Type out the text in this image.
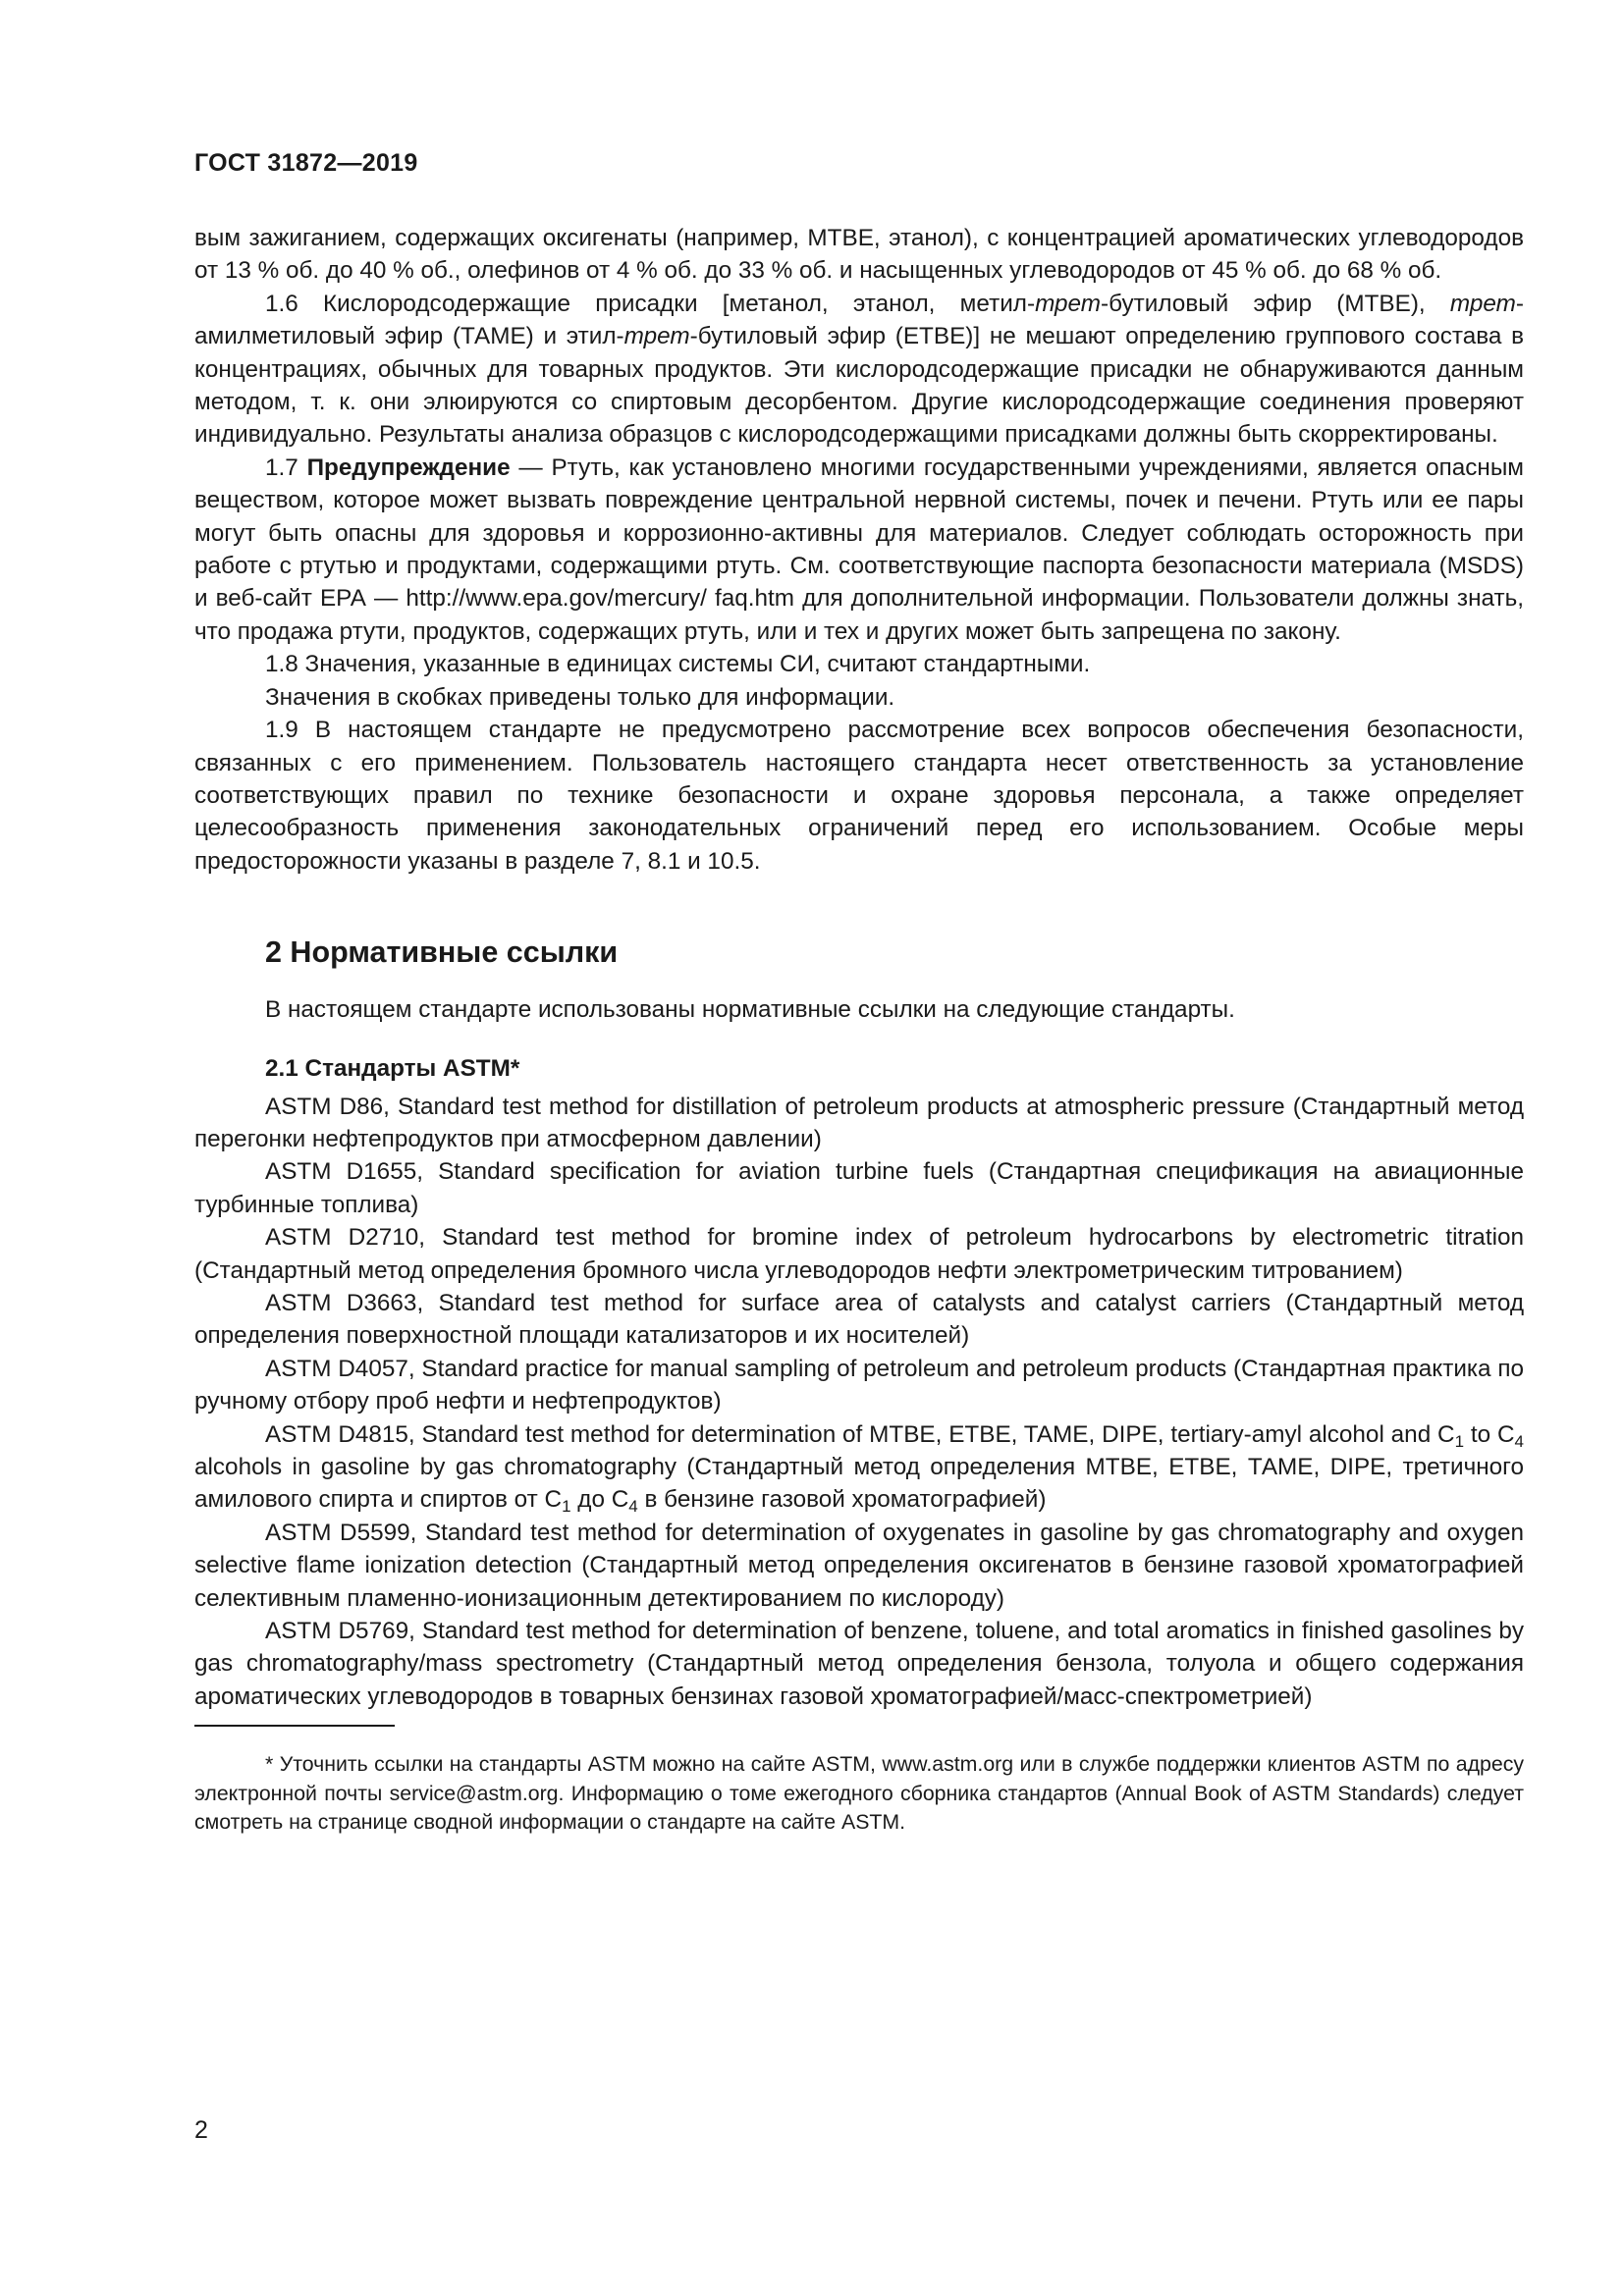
ГОСТ 31872—2019

вым зажиганием, содержащих оксигенаты (например, МТВЕ, этанол), с концентрацией ароматических углеводородов от 13 % об. до 40 % об., олефинов от 4 % об. до 33 % об. и насыщенных углеводородов от 45 % об. до 68 % об.

1.6 Кислородсодержащие присадки [метанол, этанол, метил-трет-бутиловый эфир (МТВЕ), трет-амилметиловый эфир (ТАМЕ) и этил-трет-бутиловый эфир (ЕТВЕ)] не мешают определению группового состава в концентрациях, обычных для товарных продуктов. Эти кислородсодержащие присадки не обнаруживаются данным методом, т. к. они элюируются со спиртовым десорбентом. Другие кислородсодержащие соединения проверяют индивидуально. Результаты анализа образцов с кислородсодержащими присадками должны быть скорректированы.

1.7 Предупреждение — Ртуть, как установлено многими государственными учреждениями, является опасным веществом, которое может вызвать повреждение центральной нервной системы, почек и печени. Ртуть или ее пары могут быть опасны для здоровья и коррозионно-активны для материалов. Следует соблюдать осторожность при работе с ртутью и продуктами, содержащими ртуть. См. соответствующие паспорта безопасности материала (MSDS) и веб-сайт ЕРА — http://www.epa.gov/mercury/ faq.htm для дополнительной информации. Пользователи должны знать, что продажа ртути, продуктов, содержащих ртуть, или и тех и других может быть запрещена по закону.

1.8 Значения, указанные в единицах системы СИ, считают стандартными.

Значения в скобках приведены только для информации.

1.9 В настоящем стандарте не предусмотрено рассмотрение всех вопросов обеспечения безопасности, связанных с его применением. Пользователь настоящего стандарта несет ответственность за установление соответствующих правил по технике безопасности и охране здоровья персонала, а также определяет целесообразность применения законодательных ограничений перед его использованием. Особые меры предосторожности указаны в разделе 7, 8.1 и 10.5.

2 Нормативные ссылки

В настоящем стандарте использованы нормативные ссылки на следующие стандарты.

2.1 Стандарты ASTM*

ASTM D86, Standard test method for distillation of petroleum products at atmospheric pressure (Стандартный метод перегонки нефтепродуктов при атмосферном давлении)

ASTM D1655, Standard specification for aviation turbine fuels (Стандартная спецификация на авиационные турбинные топлива)

ASTM D2710, Standard test method for bromine index of petroleum hydrocarbons by electrometric titration (Стандартный метод определения бромного числа углеводородов нефти электрометрическим титрованием)

ASTM D3663, Standard test method for surface area of catalysts and catalyst carriers (Стандартный метод определения поверхностной площади катализаторов и их носителей)

ASTM D4057, Standard practice for manual sampling of petroleum and petroleum products (Стандартная практика по ручному отбору проб нефти и нефтепродуктов)

ASTM D4815, Standard test method for determination of MTBE, ETBE, TAME, DIPE, tertiary-amyl alcohol and $C_1$ to $C_4$ alcohols in gasoline by gas chromatography (Стандартный метод определения МТВЕ, ЕТВЕ, ТАМЕ, DIPE, третичного амилового спирта и спиртов от $С_1$ до $С_4$ в бензине газовой хроматографией)

ASTM D5599, Standard test method for determination of oxygenates in gasoline by gas chromatography and oxygen selective flame ionization detection (Стандартный метод определения оксигенатов в бензине газовой хроматографией селективным пламенно-ионизационным детектированием по кислороду)

ASTM D5769, Standard test method for determination of benzene, toluene, and total aromatics in finished gasolines by gas chromatography/mass spectrometry (Стандартный метод определения бензола, толуола и общего содержания ароматических углеводородов в товарных бензинах газовой хроматографией/масс-спектрометрией)

* Уточнить ссылки на стандарты ASTM можно на сайте ASTM, www.astm.org или в службе поддержки клиентов ASTM по адресу электронной почты service@astm.org. Информацию о томе ежегодного сборника стандартов (Annual Book of ASTM Standards) следует смотреть на странице сводной информации о стандарте на сайте ASTM.

2
